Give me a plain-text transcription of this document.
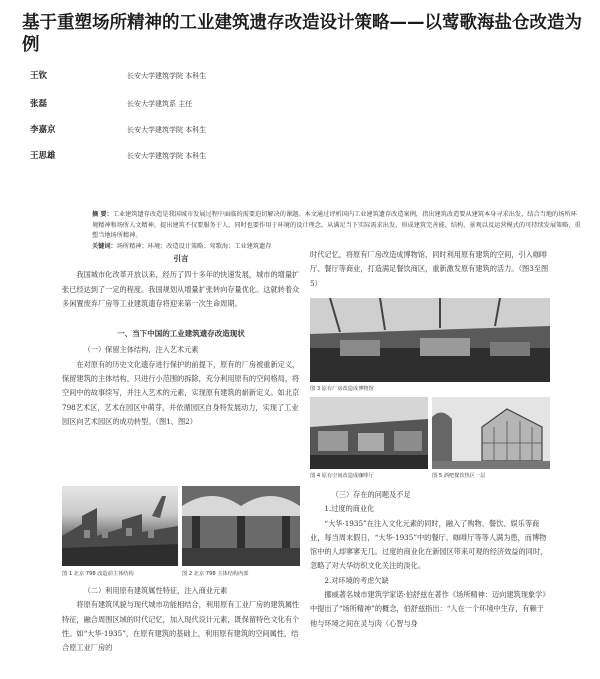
基于重塑场所精神的工业建筑遗存改造设计策略——以莺歌海盐仓改造为例
王钦	长安大学建筑学院 本科生
张磊	长安大学建筑系 主任
李嘉京	长安大学建筑学院 本科生
王思雄	长安大学建筑学院 本科生
摘 要：工业建筑遗存改造是我国城市发展过程中面临的需要迫切解决的课题。本文通过评析国内工业建筑遗存改造案例，指出建筑改造要从建筑本身寻求出发，结合当地的场所环境精神和场所人文精神，提出建筑不仅要服务于人，同时也要作用于环境的设计理念。从满足当下实际需求出发，形成建筑完善能、结构、景观以及运营模式的可持续发展策略，重塑当地场所精神。
关键词：场所精神；环境；改造设计策略；莺歌海；工业建筑遗存

引言

我国城市化改革开放以来，经历了四十多年的快速发展，城市的增量扩张已经达到了一定的程度。我国规划从增量扩张转向存量优化。这就转着众多闲置废弃厂房等工业建筑遗存将迎来第一次生命周期。

一、当下中国的工业建筑遗存改造现状

（一）保留主体结构，注入艺术元素

在对原有的历史文化遗存进行保护的前提下，原有的厂房被重新定义，保留建筑的主体结构，只进行小范围的拆除，充分利用原有的空间格局，将空间中的故事续写，并注入艺术的元素，实现原有建筑的崭新定义。如北京798艺术区，艺术在园区中萌芽，并依循园区自身特发展动力，实现了工业园区向艺术园区的成功转型。（图1、图2）

图 1 北京 798 改造前主体结构	图 2 北京 798 主体结构内部

（二）利用原有建筑属性特征，注入商业元素

将原有建筑风貌与现代城市功能相结合，利用原有工业厂房的建筑属性特征，融合周围区域的时代记忆，加入现代设计元素，既保留特色文化有个性。如“大华·1935”，在原有建筑的基础上，利用原有建筑的空间属性，结合原工业厂房的

时代记忆，将原有厂房改造成博物馆，同时利用原有建筑的空间，引入咖啡厅、餐厅等商业，打造满足餐饮商区，重新激发原有建筑的活力。（图3至图5）

图 3 原有厂房改造成博物馆
图 4 原有空间改造成咖啡厅	图 5 酒吧餐饮热区一层

（三）存在的问题及不足

1.过度的商业化

“大华·1935”在注入文化元素的同时，融入了购物、餐饮、娱乐等商业，每当周末假日，“大华·1935”中的餐厅、咖啡厅等等人满为患，而博物馆中的人却寥寥无几。过度的商业化在新园区带来可观的经济效益的同时，忽略了对大华纺织文化关注的淡化。

2.对环境的考虑欠缺

挪威著名城市建筑学家诺·伯舒兹在著作《场所精神：迈向建筑现象学》中提出了“场所精神”的概念，伯舒兹指出：“人在一个环境中生存，有赖于他与环境之间在灵与肉（心智与身
